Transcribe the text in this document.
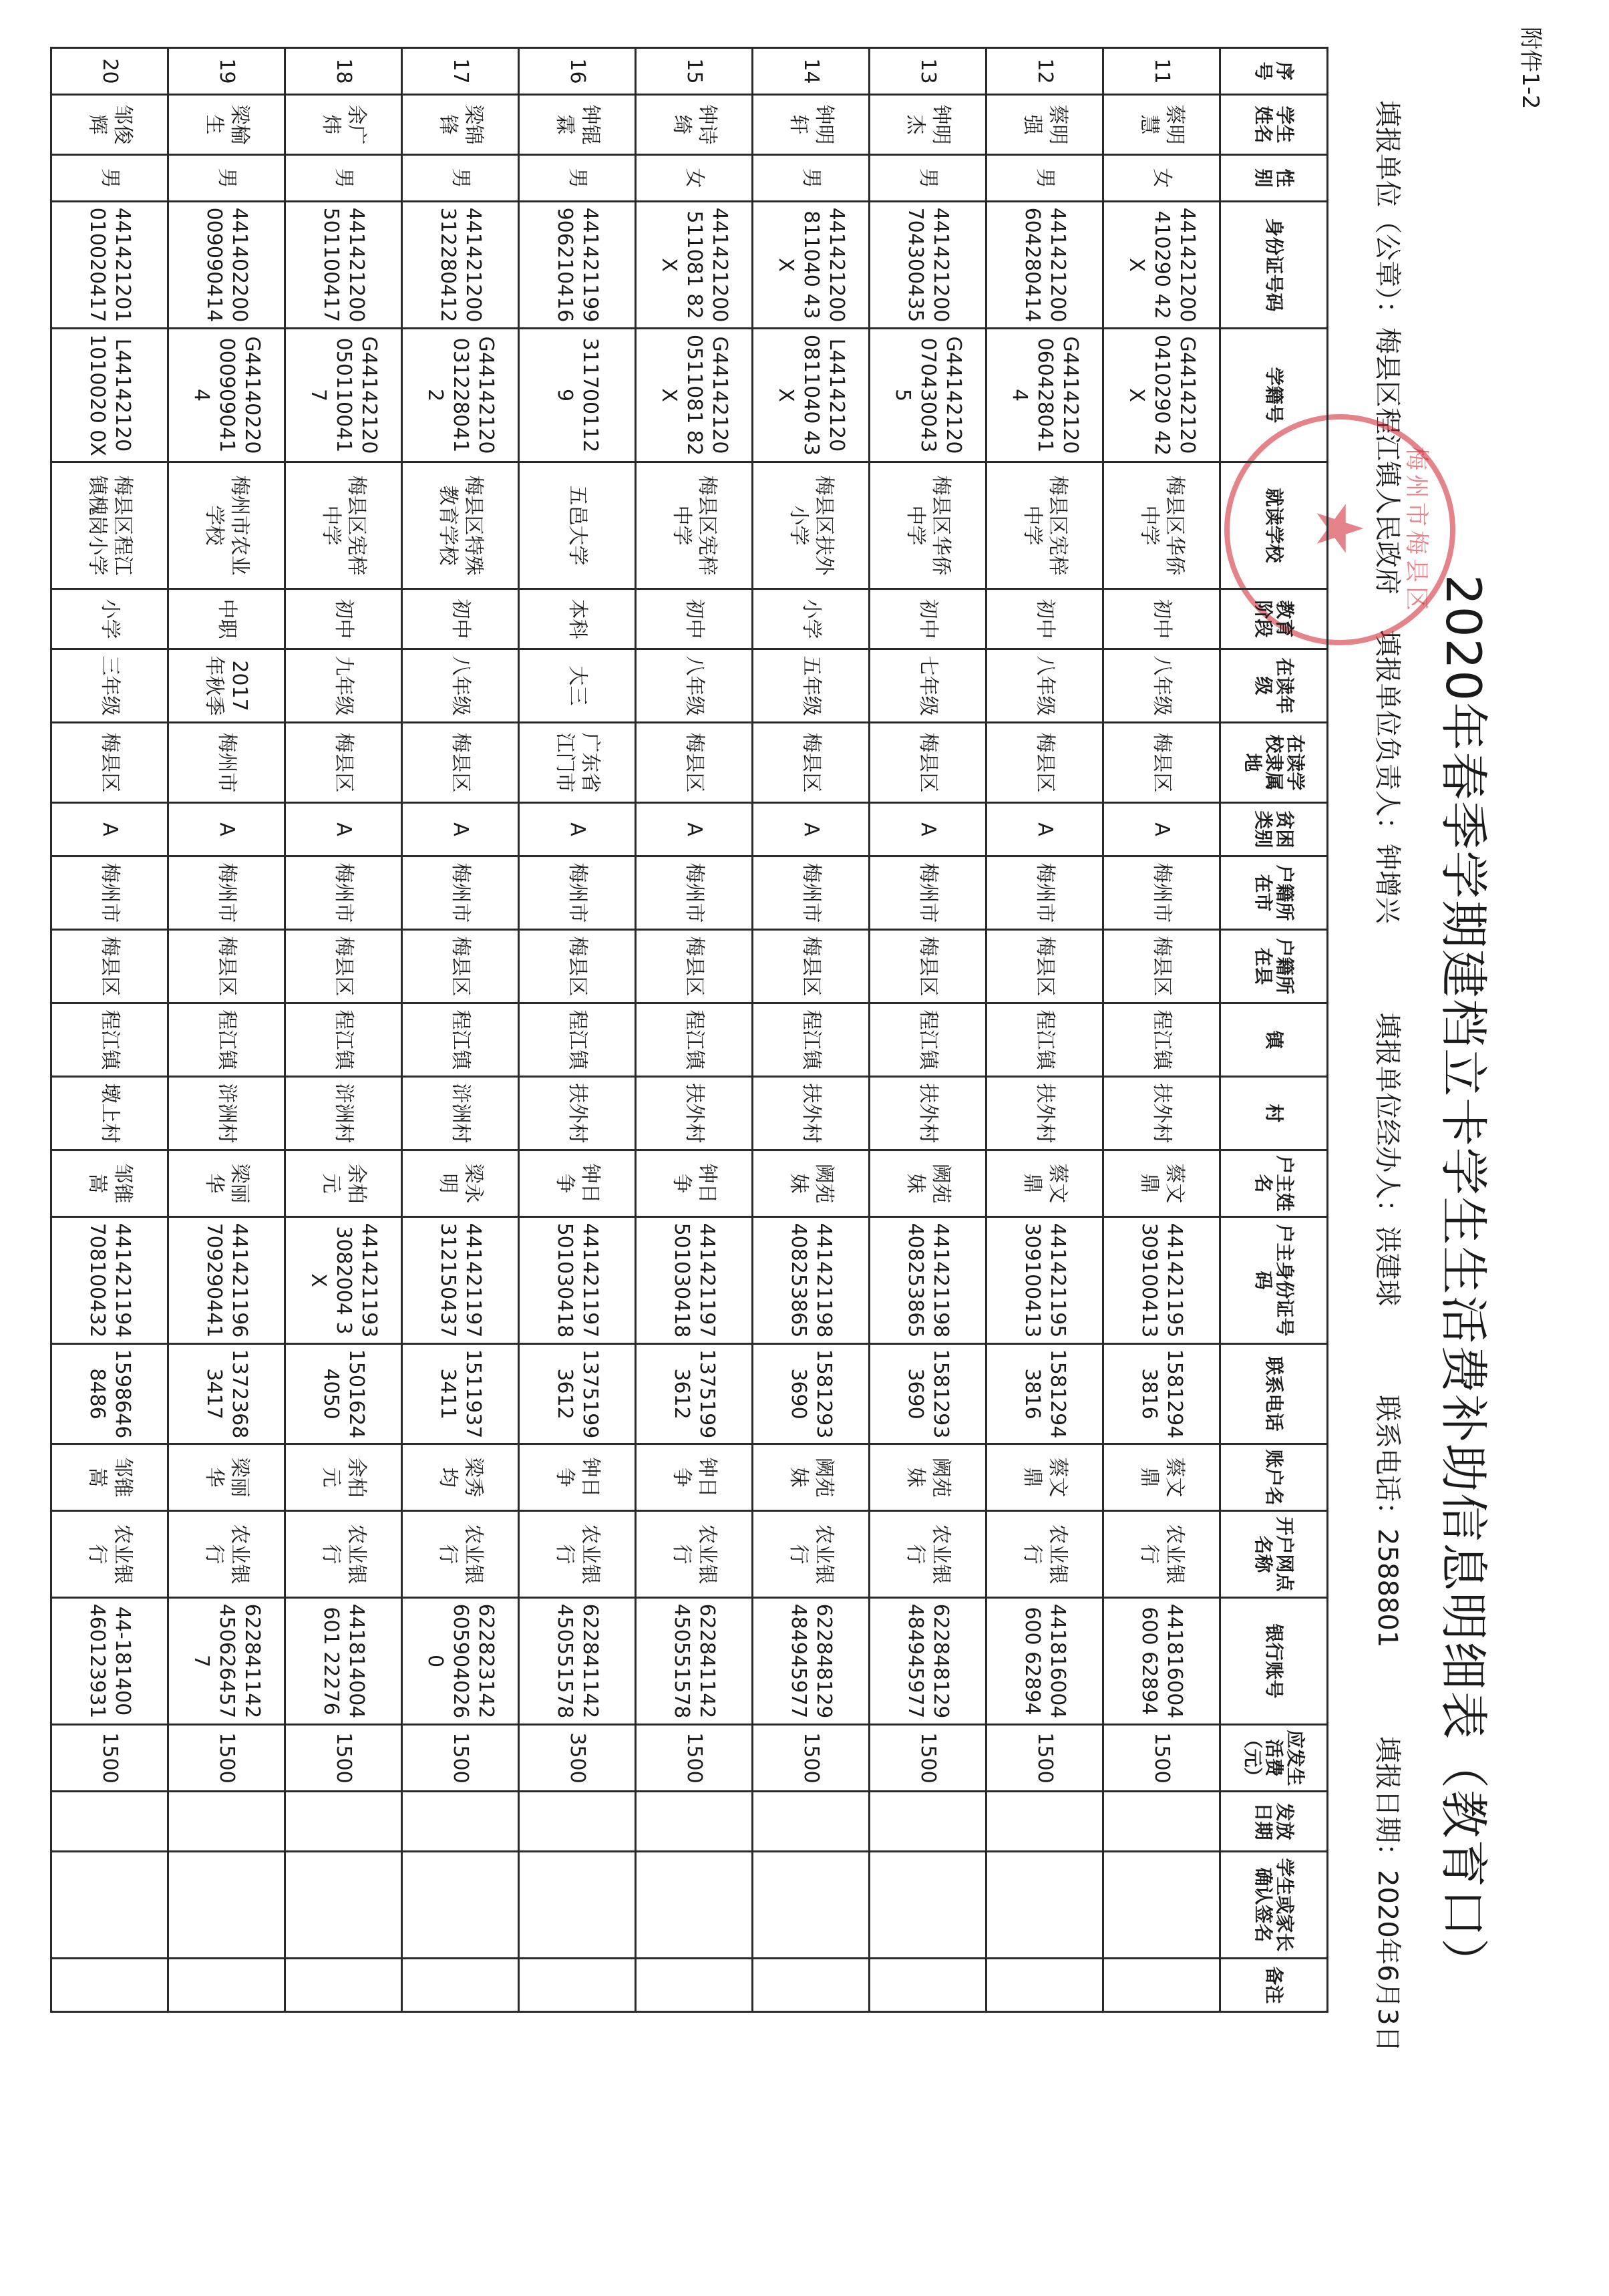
附件1-2
2020年春季学期建档立卡学生生活费补助信息明细表（教育口）
填报单位（公章）：梅县区程江镇人民政府 填报单位负责人：钟增兴 填报单位经办人：洪建球 联系电话：2588801 填报日期：2020年6月3日
梅州市梅县区
★
序号	学生姓名	性别	身份证号码	学籍号	就读学校	教育阶段	在读年级	在读学校隶属地	贫困类别	户籍所在市	户籍所在县	镇	村	户主姓名	户主身份证号码	联系电话	账户名	开户网点名称	银行账号	应发生活费（元）	发放日期	学生或家长确认签名	备注
11	蔡明慧	女	441421200410290 42X	G441421200410290 42X	梅县区华侨中学	初中	八年级	梅县区	A	梅州市	梅县区	程江镇	扶外村	蔡文鼎	441421195309100413	15812943816	蔡文鼎	农业银行	441816004600 62894	1500			
12	蔡明强	男	441421200604280414	G441421200604280414	梅县区宪梓中学	初中	八年级	梅县区	A	梅州市	梅县区	程江镇	扶外村	蔡文鼎	441421195309100413	15812943816	蔡文鼎	农业银行	441816004600 62894	1500			
13	钟明杰	男	441421200704300435	G441421200704300435	梅县区华侨中学	初中	七年级	梅县区	A	梅州市	梅县区	程江镇	扶外村	阙苑妹	441421198408253865	15812933690	阙苑妹	农业银行	622848129484945977	1500			
14	钟明轩	男	441421200811040 43X	L441421200811040 43X	梅县区扶外小学	小学	五年级	梅县区	A	梅州市	梅县区	程江镇	扶外村	阙苑妹	441421198408253865	15812933690	阙苑妹	农业银行	622848129484945977	1500			
15	钟诗绮	女	441421200511081 82X	G441421200511081 82X	梅县区宪梓中学	初中	八年级	梅县区	A	梅州市	梅县区	程江镇	扶外村	钟日争	441421197501030418	13751993612	钟日争	农业银行	622841142450551578	1500			
16	钟锟霖	男	441421199906210416	3117001129	五邑大学	本科	大三	广东省江门市	A	梅州市	梅县区	程江镇	扶外村	钟日争	441421197501030418	13751993612	钟日争	农业银行	622841142450551578	3500			
17	梁锦锋	男	441421200312280412	G441421200312280412	梅县区特殊教育学校	初中	八年级	梅县区	A	梅州市	梅县区	程江镇	浒洲村	梁永明	441421197312150437	15119373411	梁秀均	农业银行	622823142605904026 0	1500			
18	余广炜	男	441421200501100417	G441421200501100417	梅县区宪梓中学	初中	九年级	梅县区	A	梅州市	梅县区	程江镇	浒洲村	余柏元	4414211933082004 3X	15016244050	余柏元	农业银行	441814004601 22276	1500			
19	梁榆生	男	441402200009090414	G441402200009090414	梅州市农业学校	中职	2017年秋季	梅州市	A	梅州市	梅县区	程江镇	浒洲村	梁丽华	441421196709290441	13723683417	梁丽华	农业银行	622841142450626457 7	1500			
20	邹俊辉	男	441421201010020417	L441421201010020 0X	梅县区程江镇槐岗小学	小学	三年级	梅县区	A	梅州市	梅县区	程江镇	墩上村	邹锥嵩	441421194708100432	15986468486	邹锥嵩	农业银行	44-181400460123931	1500			
